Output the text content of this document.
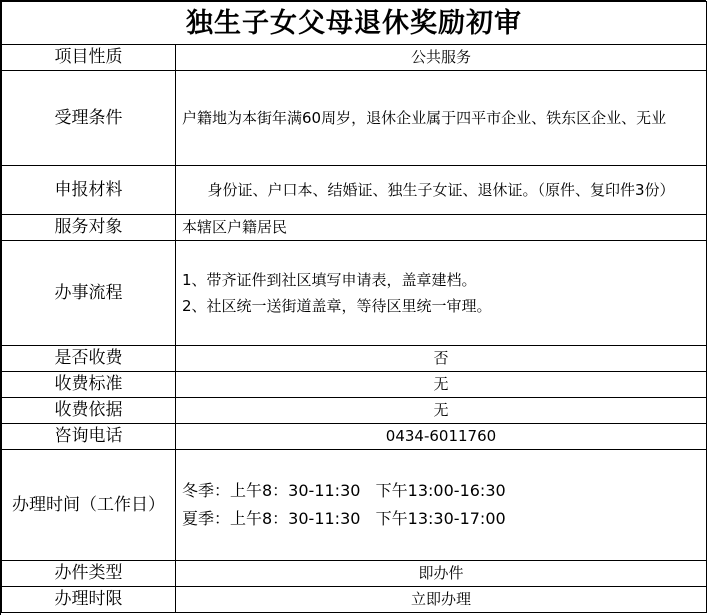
独生子女父母退休奖励初审	
项目性质	公共服务
受理条件	户籍地为本街年满60周岁，退休企业属于四平市企业、铁东区企业、无业
申报材料	身份证、户口本、结婚证、独生子女证、退休证。（原件、复印件3份）
服务对象	本辖区户籍居民
办事流程	1、带齐证件到社区填写申请表，盖章建档。
2、社区统一送街道盖章，等待区里统一审理。

是否收费	否
收费标准	无
收费依据	无
咨询电话	0434-6011760
办理时间（工作日）	冬季：上午8：30-11:30   下午13:00-16:30
夏季：上午8：30-11:30   下午13:30-17:00

办件类型	即办件
办理时限	立即办理
